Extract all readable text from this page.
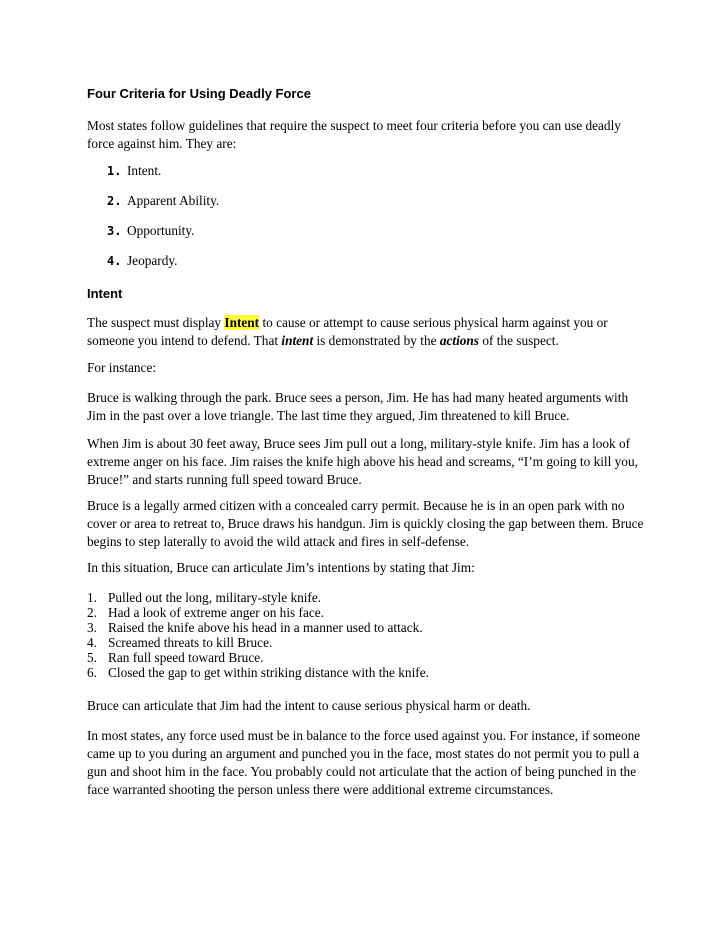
Four Criteria for Using Deadly Force

Most states follow guidelines that require the suspect to meet four criteria before you can use deadly force against him. They are:

1. Intent.
2. Apparent Ability.
3. Opportunity.
4. Jeopardy.
Intent

The suspect must display Intent to cause or attempt to cause serious physical harm against you or someone you intend to defend. That intent is demonstrated by the actions of the suspect.

For instance:

Bruce is walking through the park. Bruce sees a person, Jim. He has had many heated arguments with Jim in the past over a love triangle. The last time they argued, Jim threatened to kill Bruce.

When Jim is about 30 feet away, Bruce sees Jim pull out a long, military-style knife. Jim has a look of extreme anger on his face. Jim raises the knife high above his head and screams, “I’m going to kill you, Bruce!” and starts running full speed toward Bruce.

Bruce is a legally armed citizen with a concealed carry permit. Because he is in an open park with no cover or area to retreat to, Bruce draws his handgun. Jim is quickly closing the gap between them. Bruce begins to step laterally to avoid the wild attack and fires in self-defense.

In this situation, Bruce can articulate Jim’s intentions by stating that Jim:

1. Pulled out the long, military-style knife.
2. Had a look of extreme anger on his face.
3. Raised the knife above his head in a manner used to attack.
4. Screamed threats to kill Bruce.
5. Ran full speed toward Bruce.
6. Closed the gap to get within striking distance with the knife.

Bruce can articulate that Jim had the intent to cause serious physical harm or death.

In most states, any force used must be in balance to the force used against you. For instance, if someone came up to you during an argument and punched you in the face, most states do not permit you to pull a gun and shoot him in the face. You probably could not articulate that the action of being punched in the face warranted shooting the person unless there were additional extreme circumstances.
